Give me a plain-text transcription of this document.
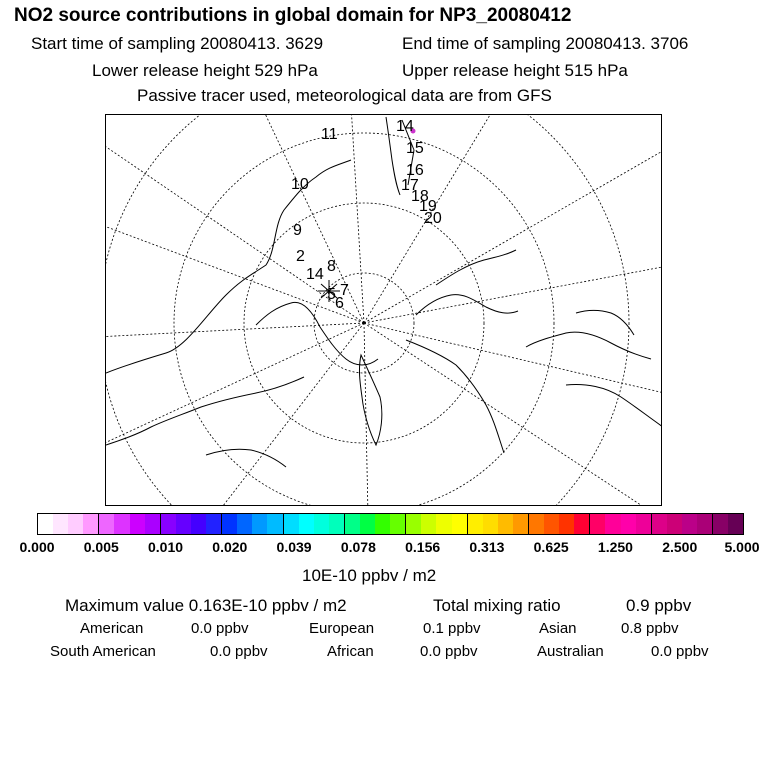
NO2 source contributions in global domain for NP3_20080412
Start time of sampling 20080413. 3629	End time of sampling 20080413. 3706
Lower release height 529 hPa	Upper release height 515 hPa
Passive tracer used, meteorological data are from GFS
11	14
15
16
17
18
19
20
10
9
2
14 8
5 7
6
0.000 0.005 0.010 0.020 0.039 0.078 0.156 0.313 0.625 1.250 2.500 5.000
10E-10 ppbv / m2
Maximum value 0.163E-10 ppbv / m2	Total mixing ratio	0.9 ppbv
American	0.0 ppbv	European	0.1 ppbv	Asian	0.8 ppbv
South American	0.0 ppbv	African	0.0 ppbv	Australian	0.0 ppbv
